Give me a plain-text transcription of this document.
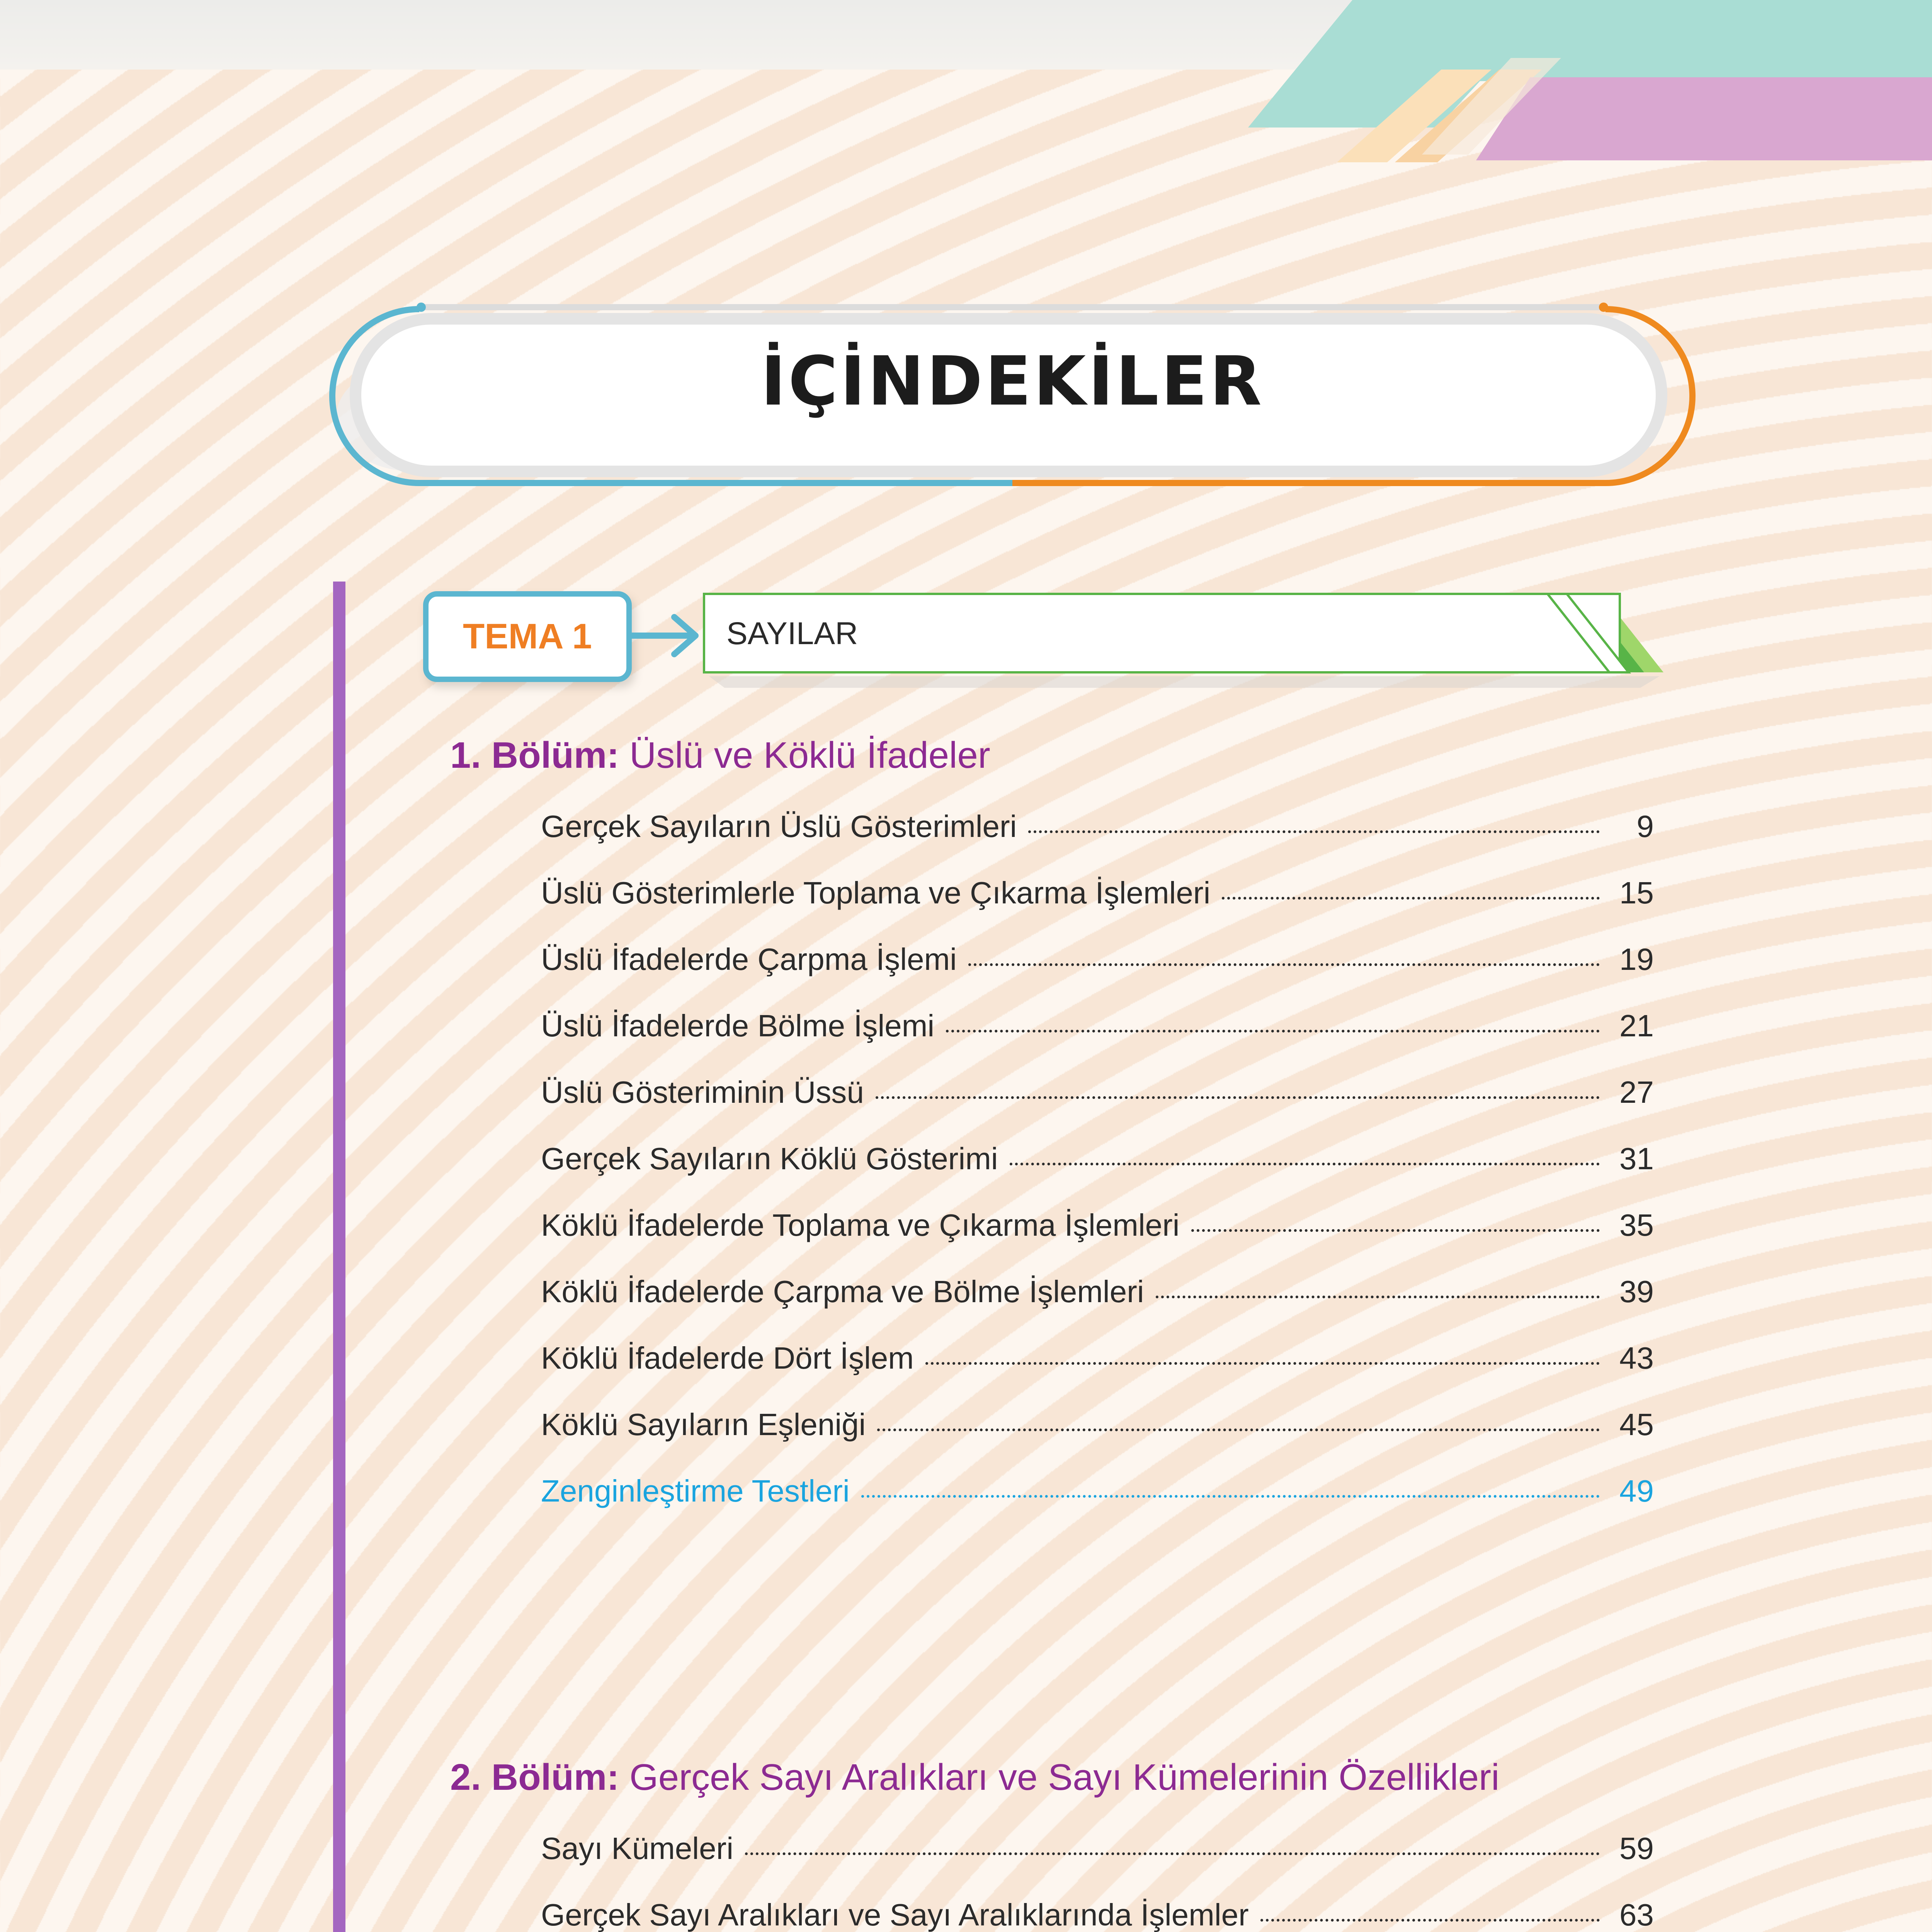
İÇİNDEKİLER
TEMA 1	SAYILAR
1. Bölüm: Üslü ve Köklü İfadeler
Gerçek Sayıların Üslü Gösterimleri	9
Üslü Gösterimlerle Toplama ve Çıkarma İşlemleri	15
Üslü İfadelerde Çarpma İşlemi	19
Üslü İfadelerde Bölme İşlemi	21
Üslü Gösteriminin Üssü	27
Gerçek Sayıların Köklü Gösterimi	31
Köklü İfadelerde Toplama ve Çıkarma İşlemleri	35
Köklü İfadelerde Çarpma ve Bölme İşlemleri	39
Köklü İfadelerde Dört İşlem	43
Köklü Sayıların Eşleniği	45
Zenginleştirme Testleri	49
2. Bölüm: Gerçek Sayı Aralıkları ve Sayı Kümelerinin Özellikleri
Sayı Kümeleri	59
Gerçek Sayı Aralıkları ve Sayı Aralıklarında İşlemler	63
